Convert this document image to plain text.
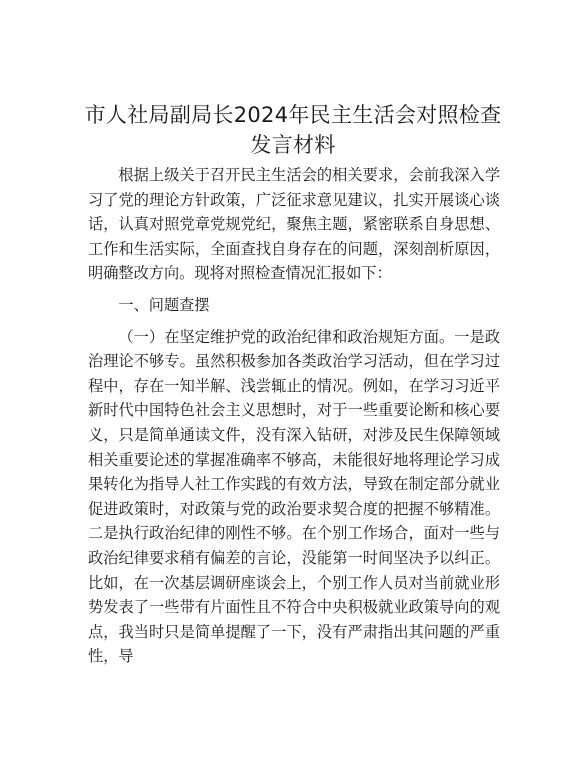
市人社局副局长2024年民主生活会对照检查发言材料

根据上级关于召开民主生活会的相关要求，会前我深入学习了党的理论方针政策，广泛征求意见建议，扎实开展谈心谈话，认真对照党章党规党纪，聚焦主题，紧密联系自身思想、工作和生活实际，全面查找自身存在的问题，深刻剖析原因，明确整改方向。现将对照检查情况汇报如下：

一、问题查摆

（一）在坚定维护党的政治纪律和政治规矩方面。一是政治理论不够专。虽然积极参加各类政治学习活动，但在学习过程中，存在一知半解、浅尝辄止的情况。例如，在学习习近平新时代中国特色社会主义思想时，对于一些重要论断和核心要义，只是简单通读文件，没有深入钻研，对涉及民生保障领域相关重要论述的掌握准确率不够高，未能很好地将理论学习成果转化为指导人社工作实践的有效方法，导致在制定部分就业促进政策时，对政策与党的政治要求契合度的把握不够精准。二是执行政治纪律的刚性不够。在个别工作场合，面对一些与政治纪律要求稍有偏差的言论，没能第一时间坚决予以纠正。比如，在一次基层调研座谈会上，个别工作人员对当前就业形势发表了一些带有片面性且不符合中央积极就业政策导向的观点，我当时只是简单提醒了一下，没有严肃指出其问题的严重性，导
